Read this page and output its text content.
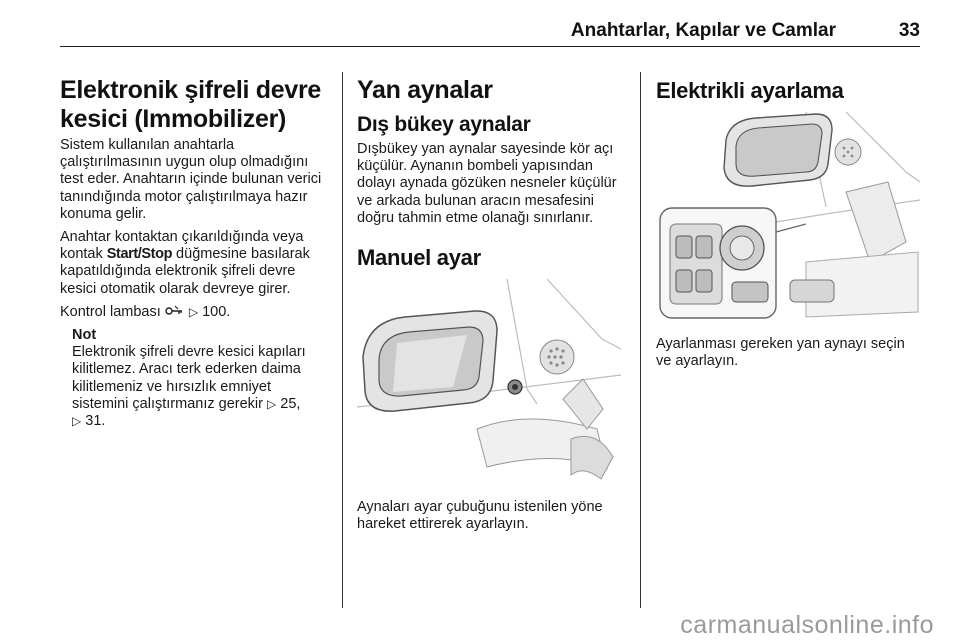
Anahtarlar, Kapılar ve Camlar	33
Elektronik şifreli devre kesici (Immobilizer)

Sistem kullanılan anahtarla çalıştırılmasının uygun olup olmadığını test eder. Anahtarın içinde bulunan verici tanındığında motor çalıştırılmaya hazır konuma gelir.

Anahtar kontaktan çıkarıldığında veya kontak Start/Stop düğmesine basılarak kapatıldığında elektronik şifreli devre kesici otomatik olarak devreye girer.

Kontrol lambası ▷ 100.

Not

Elektronik şifreli devre kesici kapıları kilitlemez. Aracı terk ederken daima kilitlemeniz ve hırsızlık emniyet sistemini çalıştırmanız gerekir ▷ 25,
▷ 31.

Yan aynalar
Dış bükey aynalar

Dışbükey yan aynalar sayesinde kör açı küçülür. Aynanın bombeli yapısından dolayı aynada gözüken nesneler küçülür ve arkada bulunan aracın mesafesini doğru tahmin etme olanağı sınırlanır.

Manuel ayar

Aynaları ayar çubuğunu istenilen yöne hareket ettirerek ayarlayın.

Elektrikli ayarlama

Ayarlanması gereken yan aynayı seçin ve ayarlayın.

carmanualsonline.info
